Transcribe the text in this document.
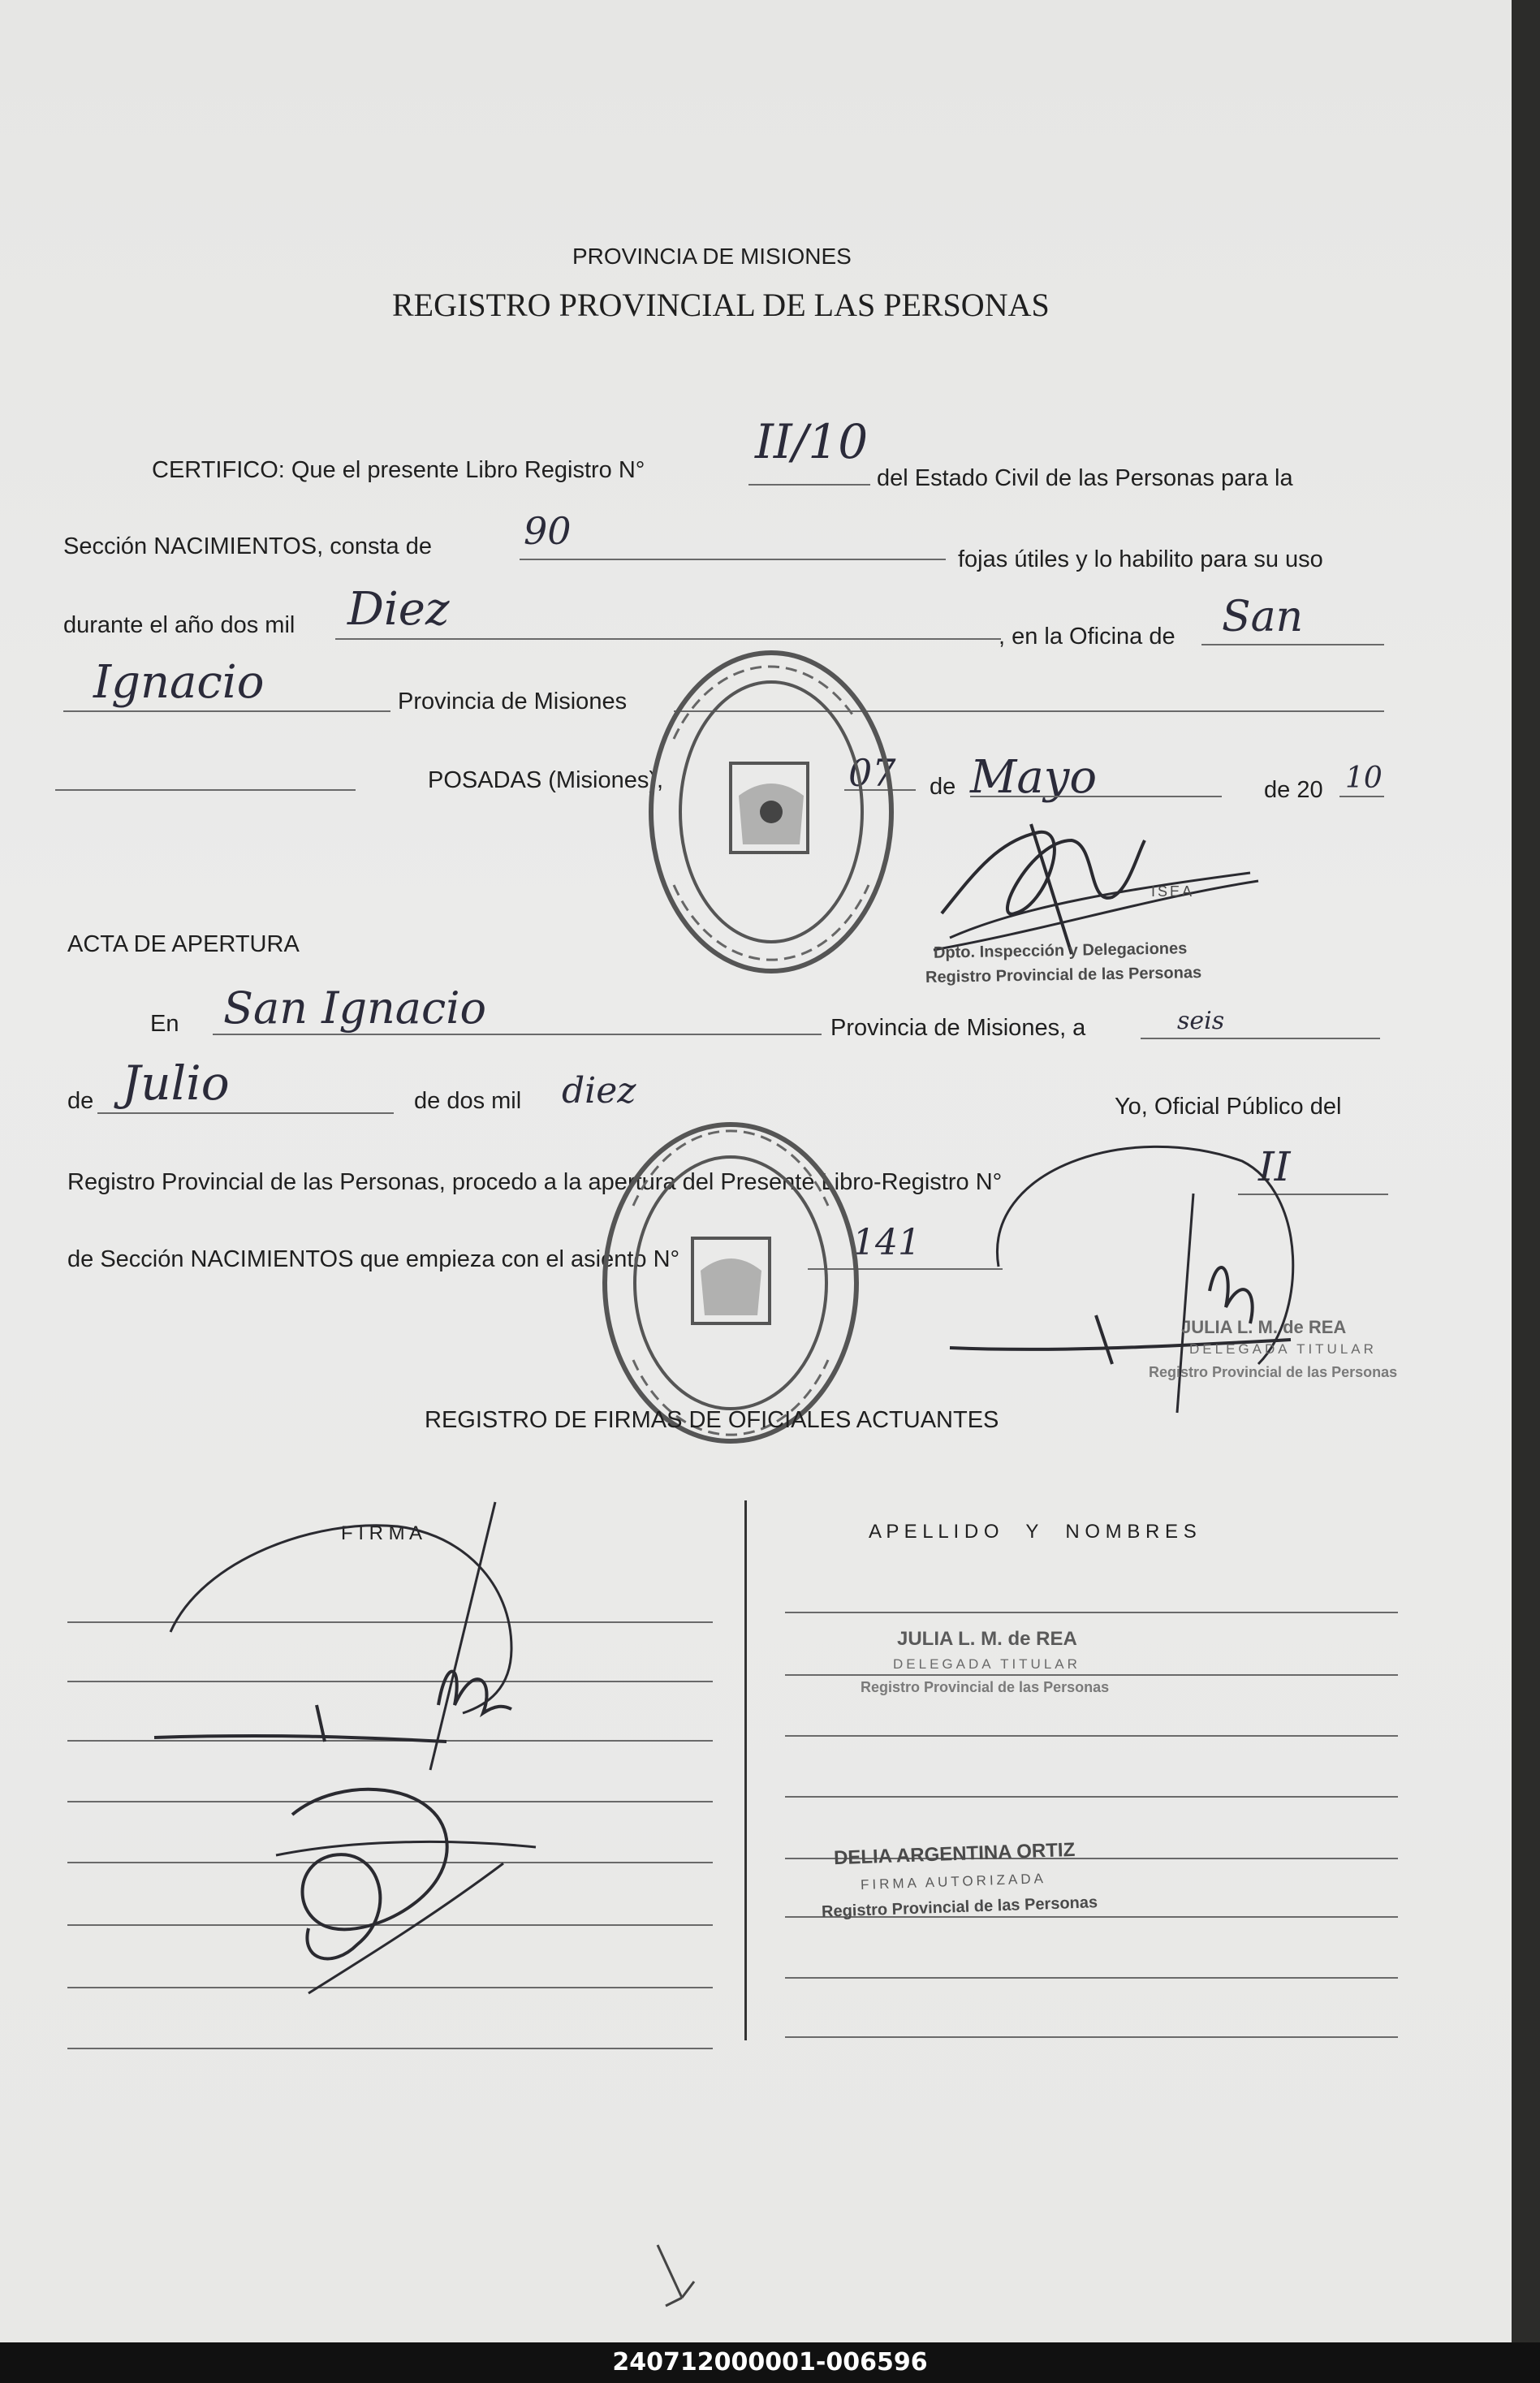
PROVINCIA DE MISIONES
REGISTRO PROVINCIAL DE LAS PERSONAS
CERTIFICO: Que el presente Libro Registro N°
II/10
del Estado Civil de las Personas para la
Sección NACIMIENTOS, consta de 90
fojas útiles y lo habilito para su uso
durante el año dos mil Diez
, en la Oficina de San
Ignacio	Provincia de Misiones
POSADAS (Misiones),	07 de Mayo	de 20 10
ISEA
Dpto. Inspección y Delegaciones
Registro Provincial de las Personas
ACTA DE APERTURA
En San Ignacio	Provincia de Misiones, a	seis
de Julio	de dos mil diez	Yo, Oficial Público del
Registro Provincial de las Personas, procedo a la apertura del Presente Libro-Registro N°	II
de Sección NACIMIENTOS que empieza con el asiento N°	141
JULIA L. M. de REA
DELEGADA TITULAR
Registro Provincial de las Personas
REGISTRO DE FIRMAS DE OFICIALES ACTUANTES
F I R M A	A P E L L I D O     Y     N O M B R E S
JULIA L. M. de REA
DELEGADA TITULAR
Registro Provincial de las Personas
DELIA ARGENTINA ORTIZ
FIRMA AUTORIZADA
Registro Provincial de las Personas
240712000001-006596
